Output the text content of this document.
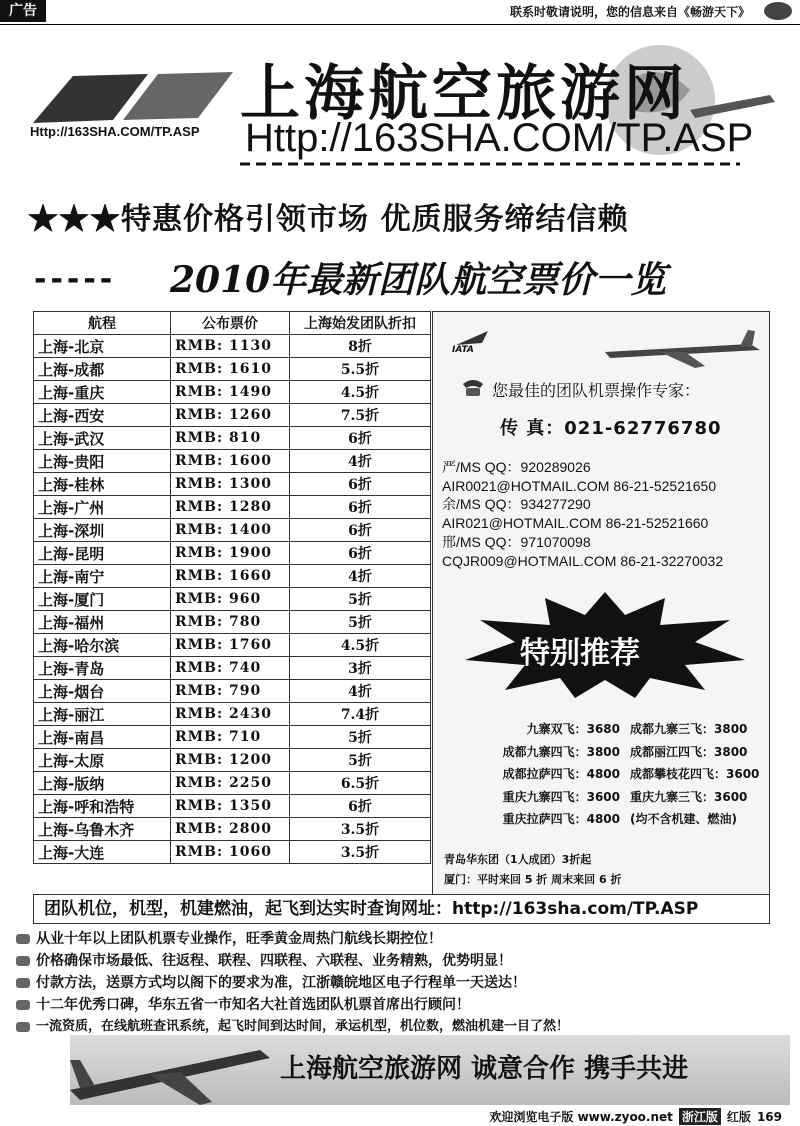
广告	联系时敬请说明，您的信息来自《畅游天下》
Http://163SHA.COM/TP.ASP
上海航空旅游网
Http://163SHA.COM/TP.ASP
★★★特惠价格引领市场 优质服务缔结信赖
----- 2010年最新团队航空票价一览
航程	公布票价	上海始发团队折扣
上海-北京	RMB: 1130	8折
上海-成都	RMB: 1610	5.5折
上海-重庆	RMB: 1490	4.5折
上海-西安	RMB: 1260	7.5折
上海-武汉	RMB: 810	6折
上海-贵阳	RMB: 1600	4折
上海-桂林	RMB: 1300	6折
上海-广州	RMB: 1280	6折
上海-深圳	RMB: 1400	6折
上海-昆明	RMB: 1900	6折
上海-南宁	RMB: 1660	4折
上海-厦门	RMB: 960	5折
上海-福州	RMB: 780	5折
上海-哈尔滨	RMB: 1760	4.5折
上海-青岛	RMB: 740	3折
上海-烟台	RMB: 790	4折
上海-丽江	RMB: 2430	7.4折
上海-南昌	RMB: 710	5折
上海-太原	RMB: 1200	5折
上海-版纳	RMB: 2250	6.5折
上海-呼和浩特	RMB: 1350	6折
上海-乌鲁木齐	RMB: 2800	3.5折
上海-大连	RMB: 1060	3.5折
IATA
您最佳的团队机票操作专家：
传 真：021-62776780
严/MS QQ：920289026
AIR0021@HOTMAIL.COM 86-21-52521650
余/MS QQ：934277290
AIR021@HOTMAIL.COM 86-21-52521660
邢/MS QQ：971070098
CQJR009@HOTMAIL.COM 86-21-32270032
特别推荐
九寨双飞：3680 成都九寨三飞：3800
成都九寨四飞：3800 成都丽江四飞：3800
成都拉萨四飞：4800 成都攀枝花四飞：3600
重庆九寨四飞：3600 重庆九寨三飞：3600
重庆拉萨四飞：4800 (均不含机建、燃油)
青岛华东团（1人成团）3折起
厦门：平时来回 5 折 周末来回 6 折
团队机位，机型，机建燃油，起飞到达实时查询网址：http://163sha.com/TP.ASP
从业十年以上团队机票专业操作，旺季黄金周热门航线长期控位！
价格确保市场最低、往返程、联程、四联程、六联程、业务精熟，优势明显！
付款方法，送票方式均以阁下的要求为准，江浙赣皖地区电子行程单一天送达！
十二年优秀口碑，华东五省一市知名大社首选团队机票首席出行顾问！
一流资质，在线航班查讯系统，起飞时间到达时间，承运机型，机位数，燃油机建一目了然！
上海航空旅游网 诚意合作 携手共进
欢迎浏览电子版 www.zyoo.net 浙江版 红版 169
